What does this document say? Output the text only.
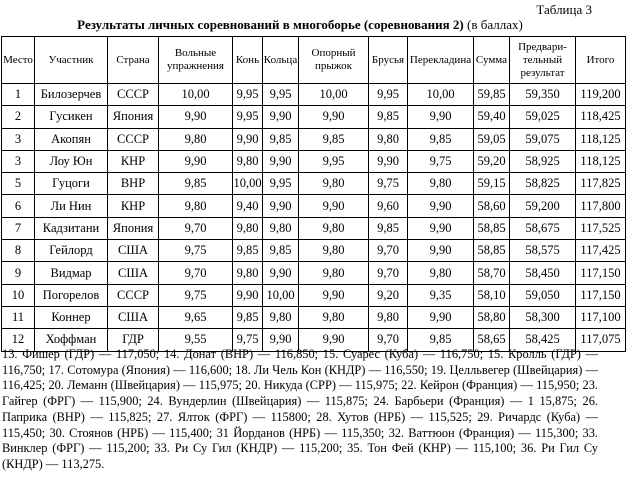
Таблица 3
Результаты личных соревнований в многоборье (соревнования 2) (в баллах)
Место	Участник	Страна	Вольные упражнения	Конь	Кольца	Опорный прыжок	Брусья	Перекладина	Сумма	Предварительный результат	Итого
1	Билозерчев	СССР	10,00	9,95	9,95	10,00	9,95	10,00	59,85	59,350	119,200
2	Гусикен	Япония	9,90	9,95	9,90	9,90	9,85	9,90	59,40	59,025	118,425
3	Акопян	СССР	9,80	9,90	9,85	9,85	9,80	9,85	59,05	59,075	118,125
3	Лоу Юн	КНР	9,90	9,80	9,90	9,95	9,90	9,75	59,20	58,925	118,125
5	Гуцоги	ВНР	9,85	10,00	9,95	9,80	9,75	9,80	59,15	58,825	117,825
6	Ли Нин	КНР	9,80	9,40	9,90	9,90	9,60	9,90	58,60	59,200	117,800
7	Кадзитани	Япония	9,70	9,80	9,80	9,80	9,85	9,90	58,85	58,675	117,525
8	Гейлорд	США	9,75	9,85	9,85	9,80	9,70	9,90	58,85	58,575	117,425
9	Видмар	США	9,70	9,80	9,90	9,80	9,70	9,80	58,70	58,450	117,150
10	Погорелов	СССР	9,75	9,90	10,00	9,90	9,20	9,35	58,10	59,050	117,150
11	Коннер	США	9,65	9,85	9,80	9,80	9,80	9,90	58,80	58,300	117,100
12	Хоффман	ГДР	9,55	9,75	9,90	9,90	9,70	9,85	58,65	58,425	117,075
13. Фишер (ГДР) — 117,050; 14. Донат (ВНР) — 116,850; 15. Суарес (Куба) — 116,750; 15. Кролль (ГДР) — 116,750; 17. Сотомура (Япония) — 116,600; 18. Ли Чель Кон (КНДР) — 116,550; 19. Целльвегер (Швейцария) — 116,425; 20. Леманн (Швейцария) — 115,975; 20. Никуда (СРР) — 115,975; 22. Кейрон (Франция) — 115,950; 23. Гайгер (ФРГ) — 115,900; 24. Вундерлин (Швейцария) — 115,875; 24. Барбьери (Франция) — 1 15,875; 26. Паприка (ВНР) — 115,825; 27. Ялток (ФРГ) — 115800; 28. Хутов (НРБ) — 115,525; 29. Ричардс (Куба) — 115,450; 30. Стоянов (НРБ) — 115,400; 31 Йорданов (НРБ) — 115,350; 32. Ваттюон (Франция) — 115,300; 33. Винклер (ФРГ) — 115,200; 33. Ри Су Гил (КНДР) — 115,200; 35. Тон Фей (КНР) — 115,100; 36. Ри Гил Су (КНДР) — 113,275.
